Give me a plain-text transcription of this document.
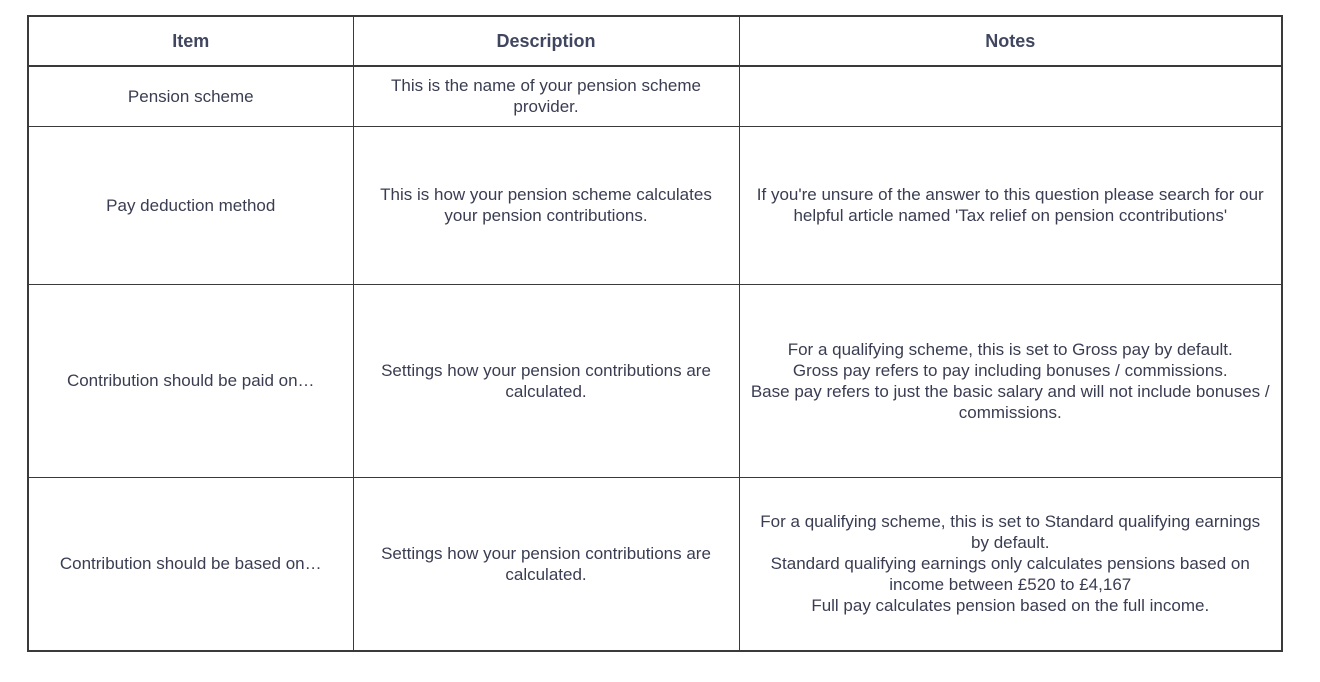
Item	Description	Notes
Pension scheme	This is the name of your pension scheme provider.	
Pay deduction method	This is how your pension scheme calculates your pension contributions.	If you're unsure of the answer to this question please search for our helpful article named 'Tax relief on pension ccontributions'

Contribution should be paid on…	Settings how your pension contributions are calculated.	For a qualifying scheme, this is set to Gross pay by default.
Gross pay refers to pay including bonuses / commissions.
Base pay refers to just the basic salary and will not include bonuses / commissions.

Contribution should be based on…	Settings how your pension contributions are calculated.	For a qualifying scheme, this is set to Standard qualifying earnings by default.
Standard qualifying earnings only calculates pensions based on income between £520 to £4,167
Full pay calculates pension based on the full income.
